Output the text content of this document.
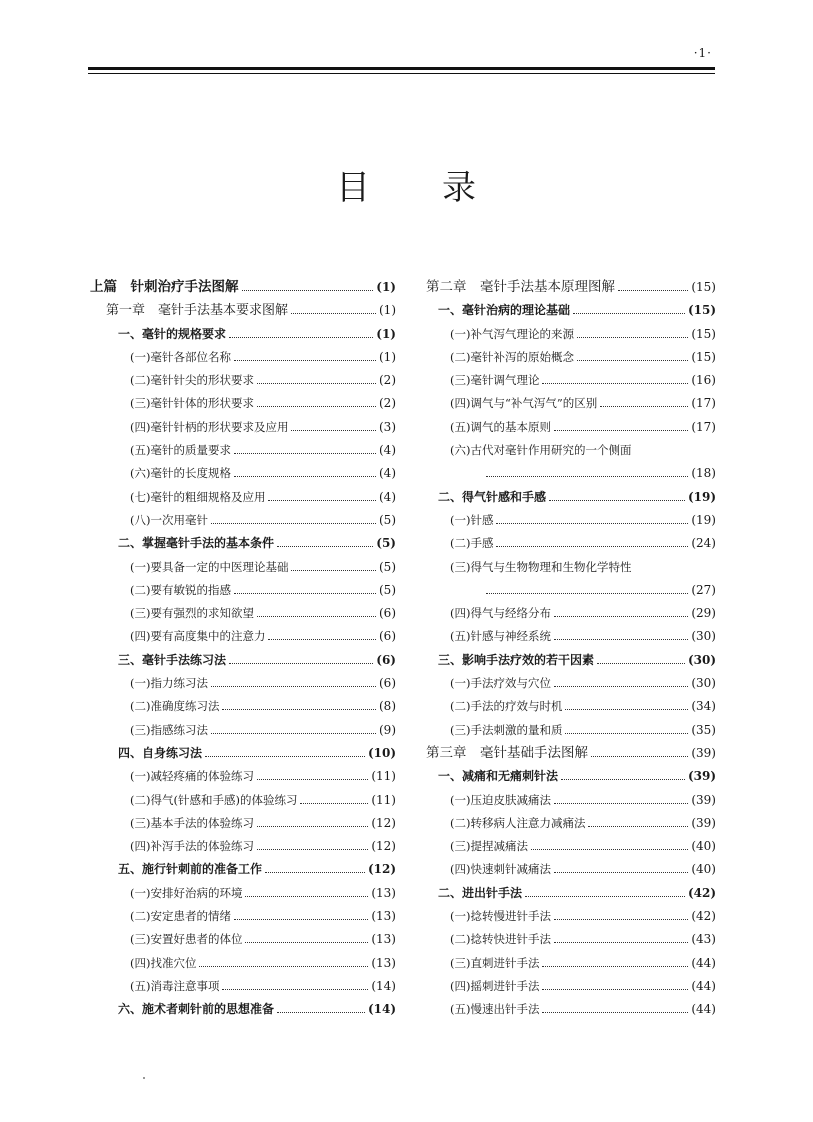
·1·
目 录
上篇　针刺治疗手法图解	(1)
第一章　毫针手法基本要求图解	(1)
一、毫针的规格要求	(1)
(一)毫针各部位名称	(1)
(二)毫针针尖的形状要求	(2)
(三)毫针针体的形状要求	(2)
(四)毫针针柄的形状要求及应用	(3)
(五)毫针的质量要求	(4)
(六)毫针的长度规格	(4)
(七)毫针的粗细规格及应用	(4)
(八)一次用毫针	(5)
二、掌握毫针手法的基本条件	(5)
(一)要具备一定的中医理论基础	(5)
(二)要有敏锐的指感	(5)
(三)要有强烈的求知欲望	(6)
(四)要有高度集中的注意力	(6)
三、毫针手法练习法	(6)
(一)指力练习法	(6)
(二)准确度练习法	(8)
(三)指感练习法	(9)
四、自身练习法	(10)
(一)减轻疼痛的体验练习	(11)
(二)得气(针感和手感)的体验练习	(11)
(三)基本手法的体验练习	(12)
(四)补泻手法的体验练习	(12)
五、施行针刺前的准备工作	(12)
(一)安排好治病的环境	(13)
(二)安定患者的情绪	(13)
(三)安置好患者的体位	(13)
(四)找准穴位	(13)
(五)消毒注意事项	(14)
六、施术者刺针前的思想准备	(14)
第二章　毫针手法基本原理图解	(15)
一、毫针治病的理论基础	(15)
(一)补气泻气理论的来源	(15)
(二)毫针补泻的原始概念	(15)
(三)毫针调气理论	(16)
(四)调气与“补气泻气”的区别	(17)
(五)调气的基本原则	(17)
(六)古代对毫针作用研究的一个侧面
(18)
二、得气针感和手感	(19)
(一)针感	(19)
(二)手感	(24)
(三)得气与生物物理和生物化学特性
(27)
(四)得气与经络分布	(29)
(五)针感与神经系统	(30)
三、影响手法疗效的若干因素	(30)
(一)手法疗效与穴位	(30)
(二)手法的疗效与时机	(34)
(三)手法刺激的量和质	(35)
第三章　毫针基础手法图解	(39)
一、减痛和无痛刺针法	(39)
(一)压迫皮肤减痛法	(39)
(二)转移病人注意力减痛法	(39)
(三)提捏减痛法	(40)
(四)快速刺针减痛法	(40)
二、进出针手法	(42)
(一)捻转慢进针手法	(42)
(二)捻转快进针手法	(43)
(三)直刺进针手法	(44)
(四)摇刺进针手法	(44)
(五)慢速出针手法	(44)
